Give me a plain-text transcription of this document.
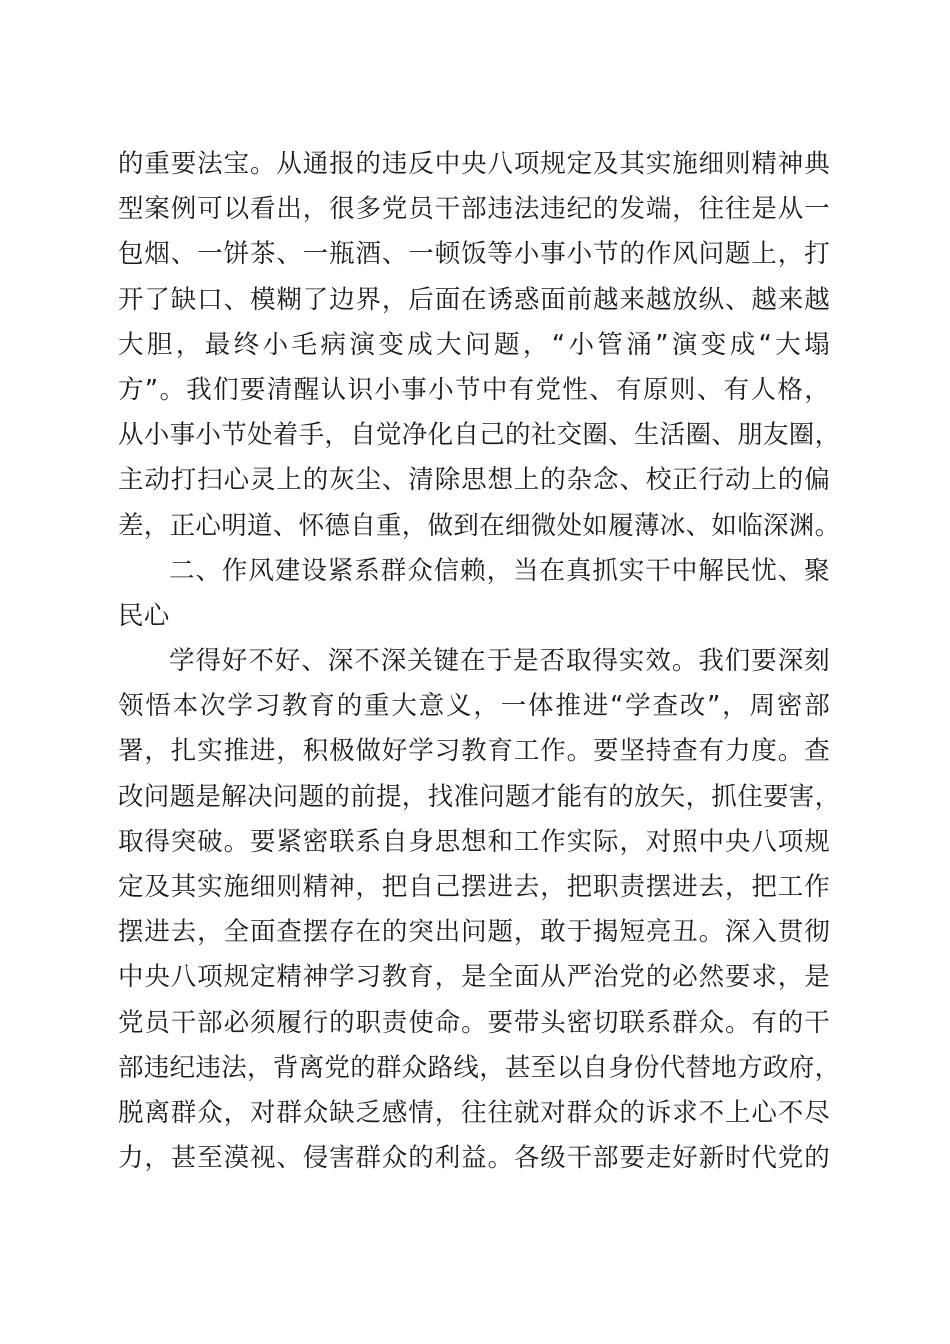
的重要法宝。从通报的违反中央八项规定及其实施细则精神典
型案例可以看出，很多党员干部违法违纪的发端，往往是从一
包烟、一饼茶、一瓶酒、一顿饭等小事小节的作风问题上，打
开了缺口、模糊了边界，后面在诱惑面前越来越放纵、越来越
大胆，最终小毛病演变成大问题，“小管涌”演变成“大塌
方”。我们要清醒认识小事小节中有党性、有原则、有人格，
从小事小节处着手，自觉净化自己的社交圈、生活圈、朋友圈，
主动打扫心灵上的灰尘、清除思想上的杂念、校正行动上的偏
差，正心明道、怀德自重，做到在细微处如履薄冰、如临深渊。
二、作风建设紧系群众信赖，当在真抓实干中解民忧、聚
民心
学得好不好、深不深关键在于是否取得实效。我们要深刻
领悟本次学习教育的重大意义，一体推进“学查改”，周密部
署，扎实推进，积极做好学习教育工作。要坚持查有力度。查
改问题是解决问题的前提，找准问题才能有的放矢，抓住要害，
取得突破。要紧密联系自身思想和工作实际，对照中央八项规
定及其实施细则精神，把自己摆进去，把职责摆进去，把工作
摆进去，全面查摆存在的突出问题，敢于揭短亮丑。深入贯彻
中央八项规定精神学习教育，是全面从严治党的必然要求，是
党员干部必须履行的职责使命。要带头密切联系群众。有的干
部违纪违法，背离党的群众路线，甚至以自身份代替地方政府，
脱离群众，对群众缺乏感情，往往就对群众的诉求不上心不尽
力，甚至漠视、侵害群众的利益。各级干部要走好新时代党的
